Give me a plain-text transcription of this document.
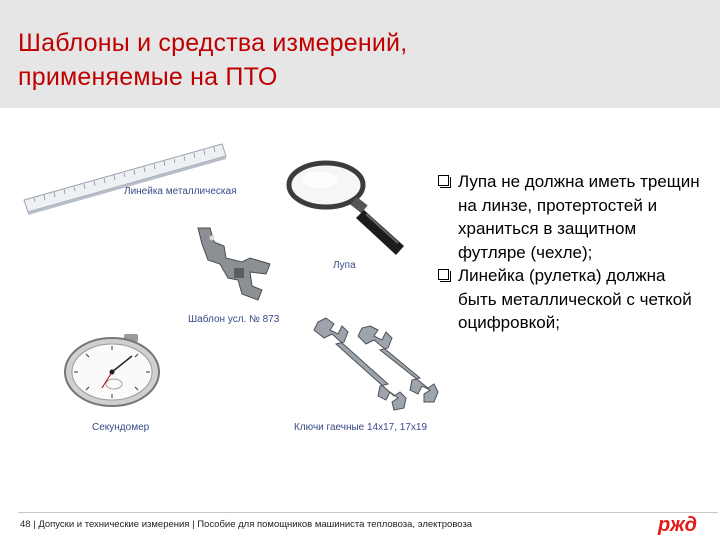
Шаблоны и средства измерений,
применяемые на ПТО
Линейка металлическая
Лупа
Шаблон усл. № 873
Секундомер	Ключи гаечные 14х17, 17х19
Лупа не должна иметь трещин на линзе, протертостей и храниться в защитном футляре (чехле);
Линейка (рулетка) должна быть металлической с четкой оцифровкой;
48 | Допуски и технические измерения | Пособие для помощников машиниста тепловоза, электровоза	ржд
